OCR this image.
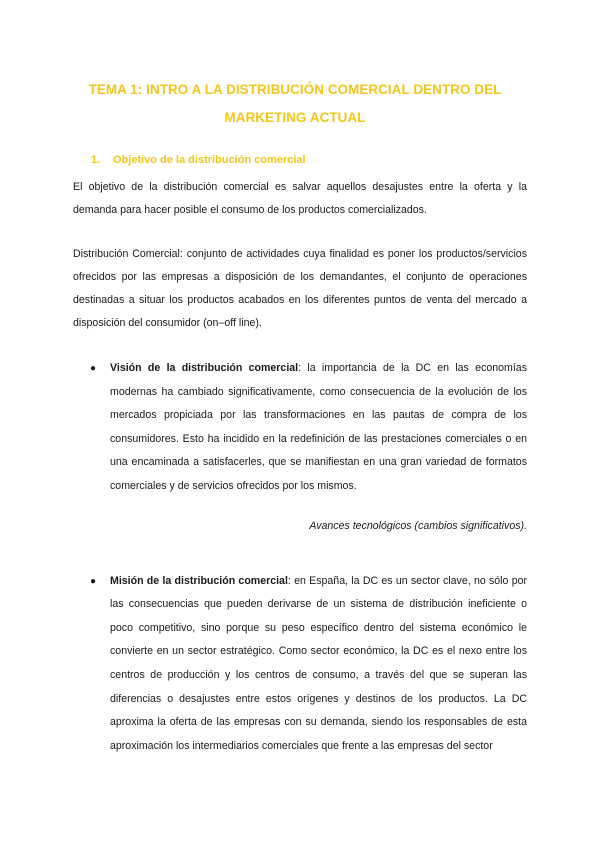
TEMA 1: INTRO A LA DISTRIBUCIÓN COMERCIAL DENTRO DEL
MARKETING ACTUAL
1. Objetivo de la distribución comercial

El objetivo de la distribución comercial es salvar aquellos desajustes entre la oferta y la demanda para hacer posible el consumo de los productos comercializados.

Distribución Comercial: conjunto de actividades cuya finalidad es poner los productos/servicios ofrecidos por las empresas a disposición de los demandantes, el conjunto de operaciones destinadas a situar los productos acabados en los diferentes puntos de venta del mercado a disposición del consumidor (on–off line).

● Visión de la distribución comercial: la importancia de la DC en las economías modernas ha cambiado significativamente, como consecuencia de la evolución de los mercados propiciada por las transformaciones en las pautas de compra de los consumidores. Esto ha incidido en la redefinición de las prestaciones comerciales o en una encaminada a satisfacerles, que se manifiestan en una gran variedad de formatos comerciales y de servicios ofrecidos por los mismos.
Avances tecnológicos (cambios significativos).
● Misión de la distribución comercial: en España, la DC es un sector clave, no sólo por las consecuencias que pueden derivarse de un sistema de distribución ineficiente o poco competitivo, sino porque su peso específico dentro del sistema económico le convierte en un sector estratégico. Como sector económico, la DC es el nexo entre los centros de producción y los centros de consumo, a través del que se superan las diferencias o desajustes entre estos orígenes y destinos de los productos. La DC aproxima la oferta de las empresas con su demanda, siendo los responsables de esta aproximación los intermediarios comerciales que frente a las empresas del sector
